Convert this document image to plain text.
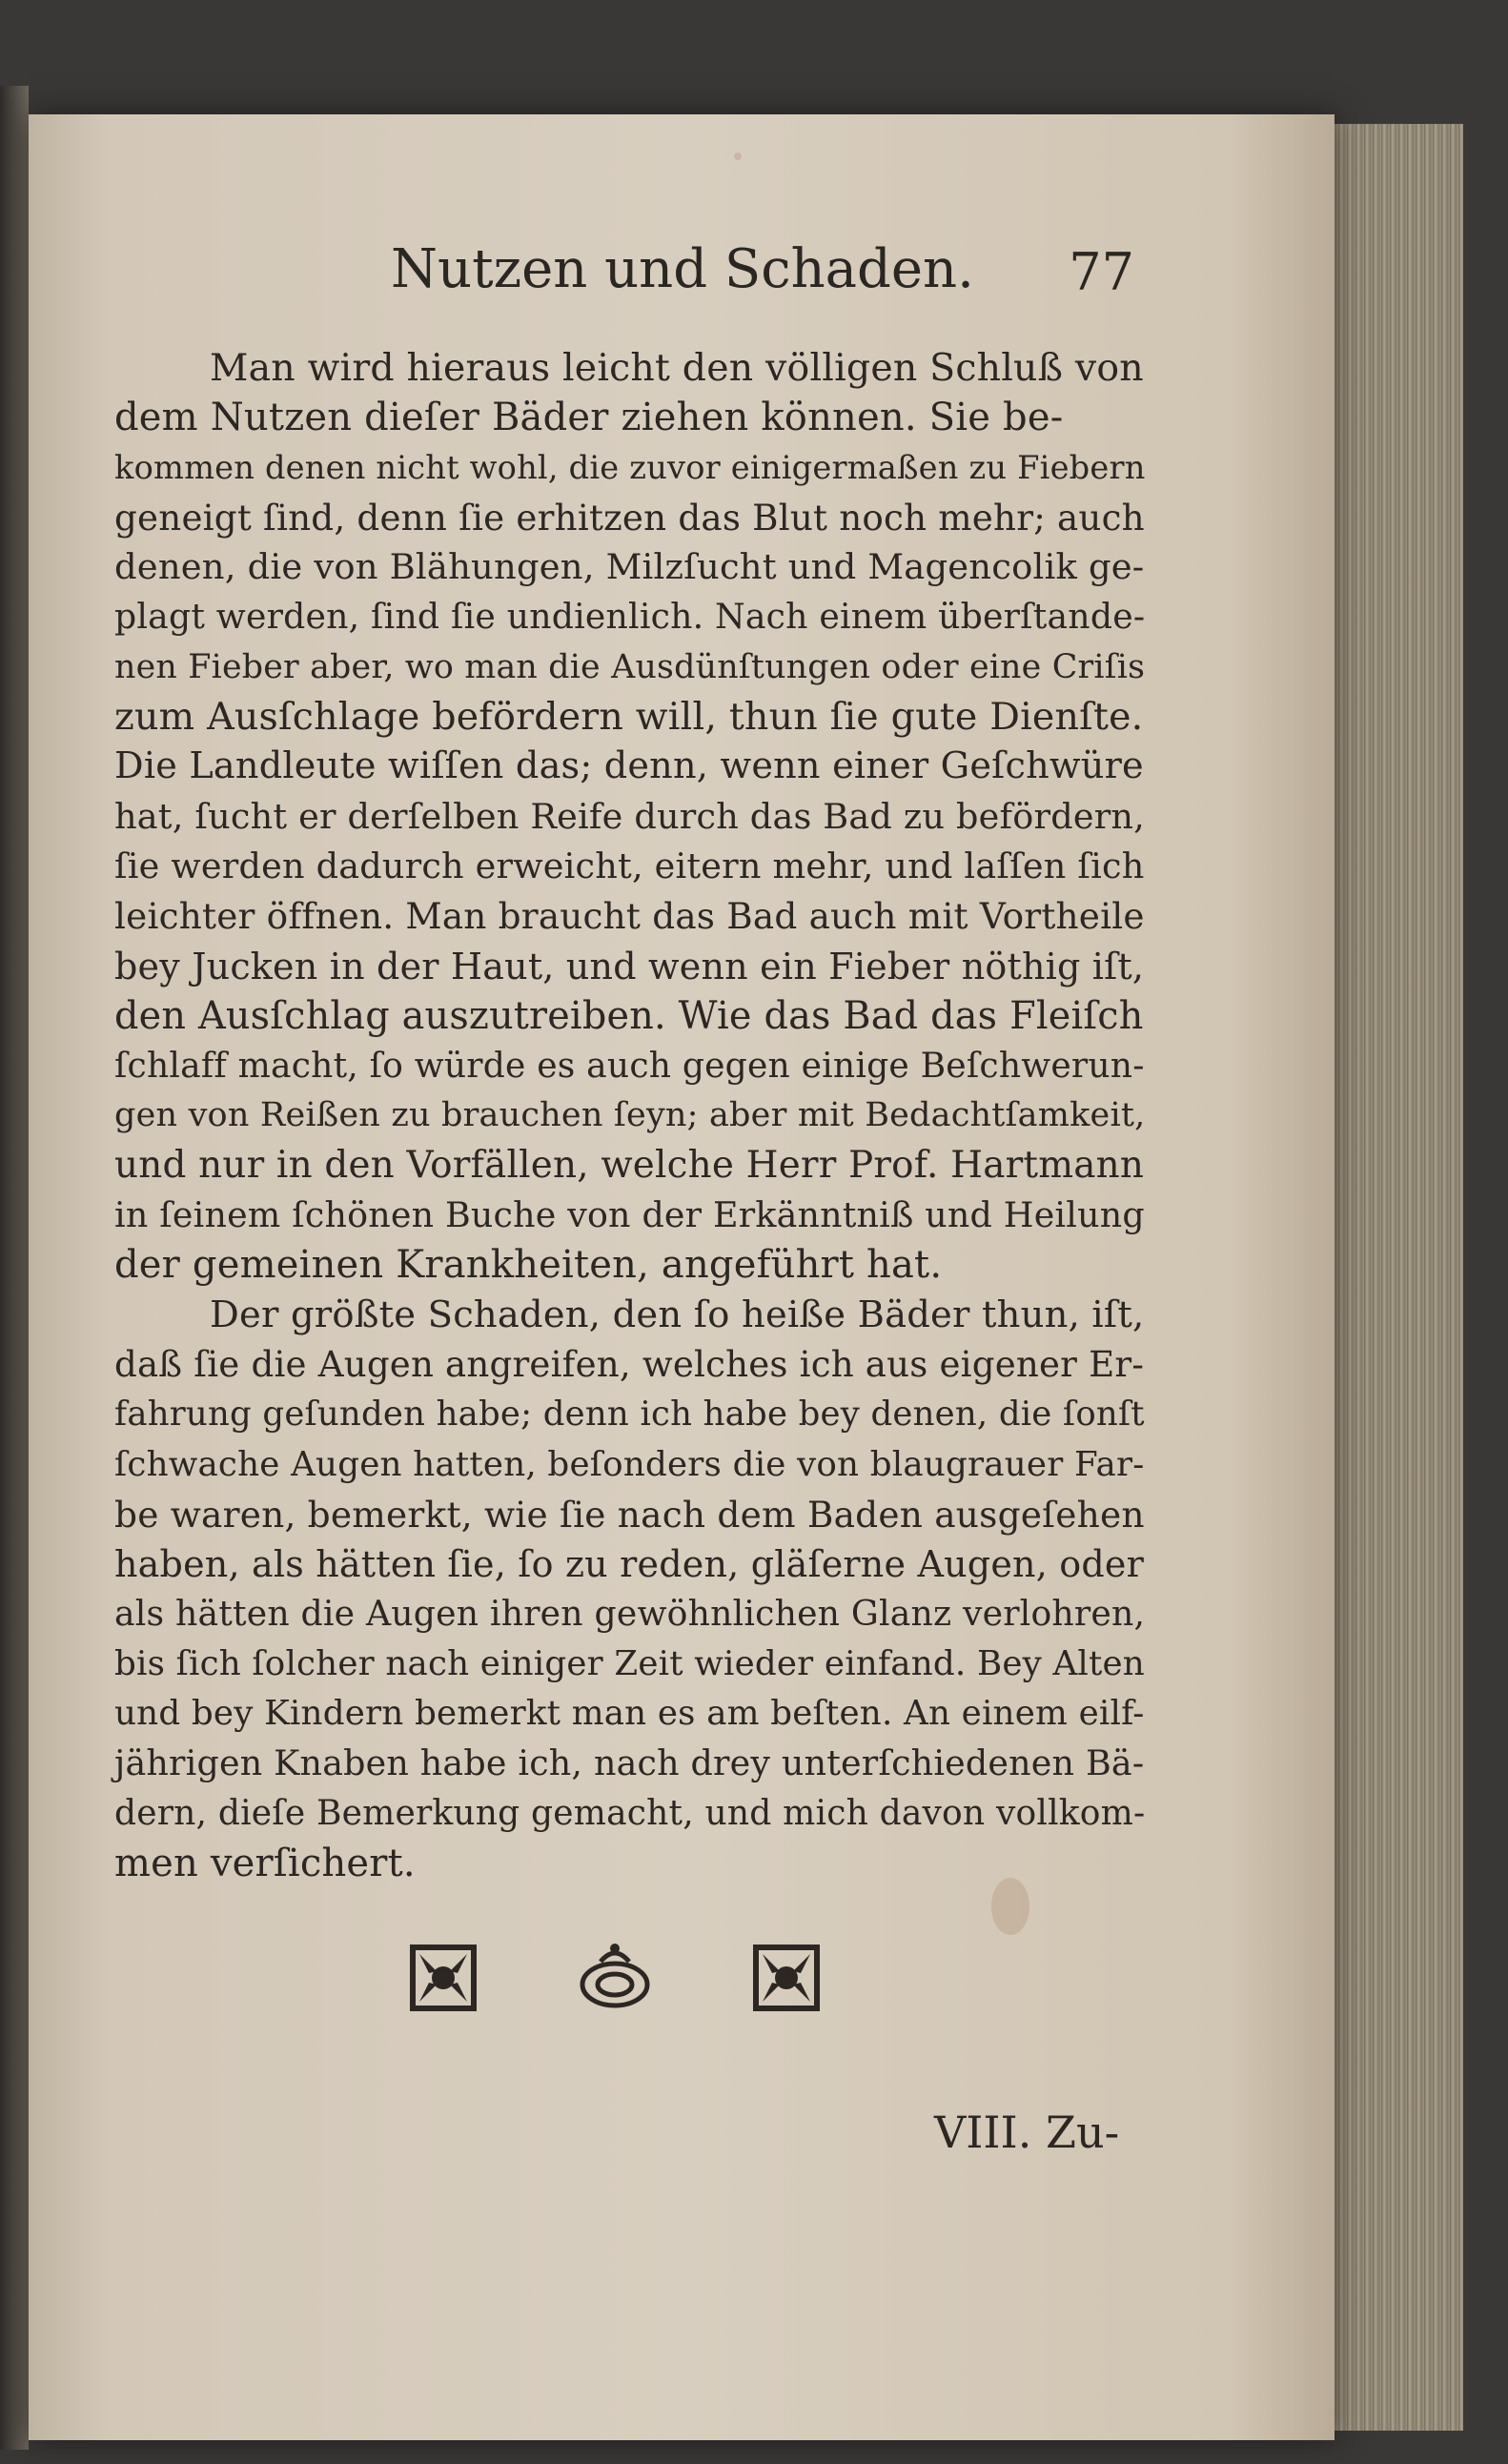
Nutzen und Schaden. 77
Man wird hieraus leicht den völligen Schluß von
dem Nutzen dieſer Bäder ziehen können. Sie be-
kommen denen nicht wohl, die zuvor einigermaßen zu Fiebern
geneigt ſind, denn ſie erhitzen das Blut noch mehr; auch
denen, die von Blähungen, Milzſucht und Magencolik ge-
plagt werden, ſind ſie undienlich. Nach einem überſtande-
nen Fieber aber, wo man die Ausdünſtungen oder eine Criſis
zum Ausſchlage befördern will, thun ſie gute Dienſte.
Die Landleute wiſſen das; denn, wenn einer Geſchwüre
hat, ſucht er derſelben Reife durch das Bad zu befördern,
ſie werden dadurch erweicht, eitern mehr, und laſſen ſich
leichter öffnen. Man braucht das Bad auch mit Vortheile
bey Jucken in der Haut, und wenn ein Fieber nöthig iſt,
den Ausſchlag auszutreiben. Wie das Bad das Fleiſch
ſchlaff macht, ſo würde es auch gegen einige Beſchwerun-
gen von Reißen zu brauchen ſeyn; aber mit Bedachtſamkeit,
und nur in den Vorfällen, welche Herr Prof. Hartmann
in ſeinem ſchönen Buche von der Erkänntniß und Heilung
der gemeinen Krankheiten, angeführt hat.
Der größte Schaden, den ſo heiße Bäder thun, iſt,
daß ſie die Augen angreifen, welches ich aus eigener Er-
fahrung geſunden habe; denn ich habe bey denen, die ſonſt
ſchwache Augen hatten, beſonders die von blaugrauer Far-
be waren, bemerkt, wie ſie nach dem Baden ausgeſehen
haben, als hätten ſie, ſo zu reden, gläſerne Augen, oder
als hätten die Augen ihren gewöhnlichen Glanz verlohren,
bis ſich ſolcher nach einiger Zeit wieder einfand. Bey Alten
und bey Kindern bemerkt man es am beſten. An einem eilf-
jährigen Knaben habe ich, nach drey unterſchiedenen Bä-
dern, dieſe Bemerkung gemacht, und mich davon vollkom-
men verſichert.
VIII. Zu-
